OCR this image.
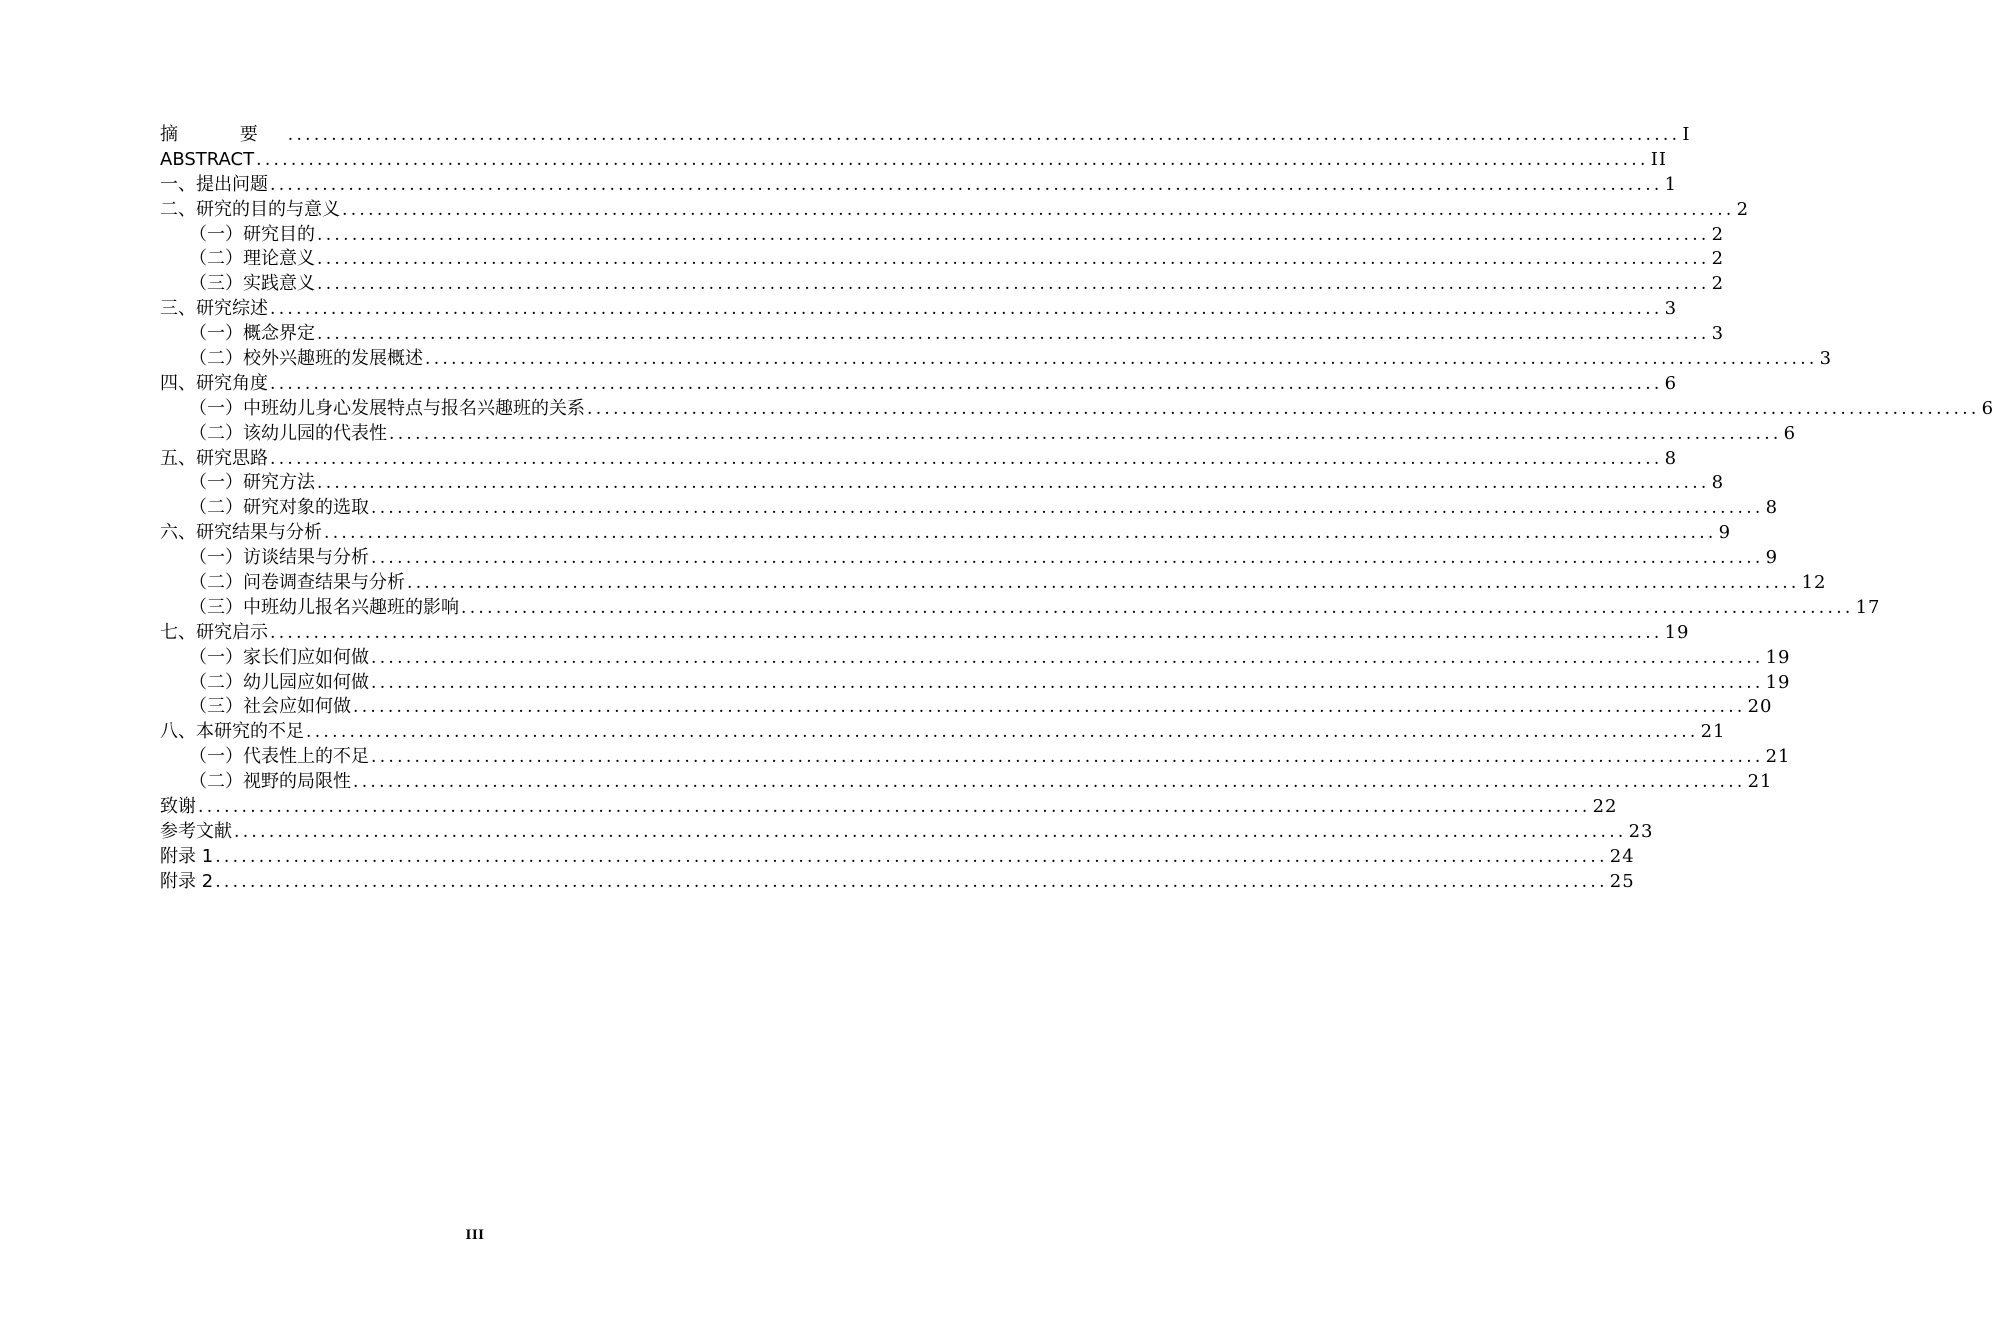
摘 要 ................................................................................................................................................................ I
ABSTRACT ................................................................................................................................................................ II
一、提出问题 ................................................................................................................................................................ 1
二、研究的目的与意义 ................................................................................................................................................................ 2
（一）研究目的 ................................................................................................................................................................ 2
（二）理论意义 ................................................................................................................................................................ 2
（三）实践意义 ................................................................................................................................................................ 2
三、研究综述 ................................................................................................................................................................ 3
（一）概念界定 ................................................................................................................................................................ 3
（二）校外兴趣班的发展概述 ................................................................................................................................................................ 3
四、研究角度 ................................................................................................................................................................ 6
（一）中班幼儿身心发展特点与报名兴趣班的关系 ................................................................................................................................................................ 6
（二）该幼儿园的代表性 ................................................................................................................................................................ 6
五、研究思路 ................................................................................................................................................................ 8
（一）研究方法 ................................................................................................................................................................ 8
（二）研究对象的选取 ................................................................................................................................................................ 8
六、研究结果与分析 ................................................................................................................................................................ 9
（一）访谈结果与分析 ................................................................................................................................................................ 9
（二）问卷调查结果与分析 ................................................................................................................................................................ 12
（三）中班幼儿报名兴趣班的影响 ................................................................................................................................................................ 17
七、研究启示 ................................................................................................................................................................ 19
（一）家长们应如何做 ................................................................................................................................................................ 19
（二）幼儿园应如何做 ................................................................................................................................................................ 19
（三）社会应如何做 ................................................................................................................................................................ 20
八、本研究的不足 ................................................................................................................................................................ 21
（一）代表性上的不足 ................................................................................................................................................................ 21
（二）视野的局限性 ................................................................................................................................................................ 21
致谢 ................................................................................................................................................................ 22
参考文献 ................................................................................................................................................................ 23
附录 1 ................................................................................................................................................................ 24
附录 2 ................................................................................................................................................................ 25
III
